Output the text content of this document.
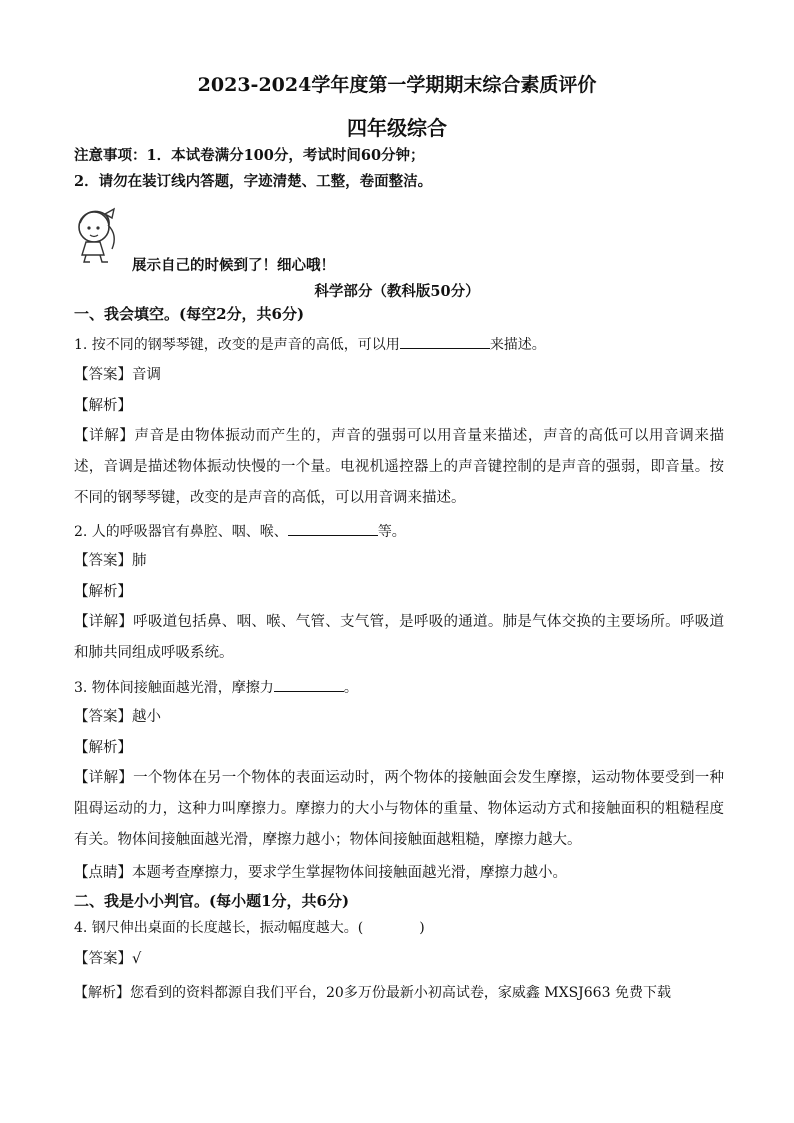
2023-2024学年度第一学期期末综合素质评价
四年级综合
注意事项：1．本试卷满分100分，考试时间60分钟；
2．请勿在装订线内答题，字迹清楚、工整，卷面整洁。
展示自己的时候到了！细心哦！
科学部分（教科版50分）
一、我会填空。(每空2分，共6分)
1. 按不同的钢琴琴键，改变的是声音的高低，可以用	来描述。
【答案】音调
【解析】
【详解】声音是由物体振动而产生的，声音的强弱可以用音量来描述，声音的高低可以用音调来描述，音调是描述物体振动快慢的一个量。电视机遥控器上的声音键控制的是声音的强弱，即音量。按不同的钢琴琴键，改变的是声音的高低，可以用音调来描述。
2. 人的呼吸器官有鼻腔、咽、喉、	等。
【答案】肺
【解析】
【详解】呼吸道包括鼻、咽、喉、气管、支气管，是呼吸的通道。肺是气体交换的主要场所。呼吸道和肺共同组成呼吸系统。
3. 物体间接触面越光滑，摩擦力	。
【答案】越小
【解析】
【详解】一个物体在另一个物体的表面运动时，两个物体的接触面会发生摩擦，运动物体要受到一种阻碍运动的力，这种力叫摩擦力。摩擦力的大小与物体的重量、物体运动方式和接触面积的粗糙程度有关。物体间接触面越光滑，摩擦力越小；物体间接触面越粗糙，摩擦力越大。
【点睛】本题考查摩擦力，要求学生掌握物体间接触面越光滑，摩擦力越小。
二、我是小小判官。(每小题1分，共6分)
4. 钢尺伸出桌面的长度越长，振动幅度越大。(	)
【答案】√
【解析】您看到的资料都源自我们平台，20多万份最新小初高试卷，家威鑫 MXSJ663 免费下载
